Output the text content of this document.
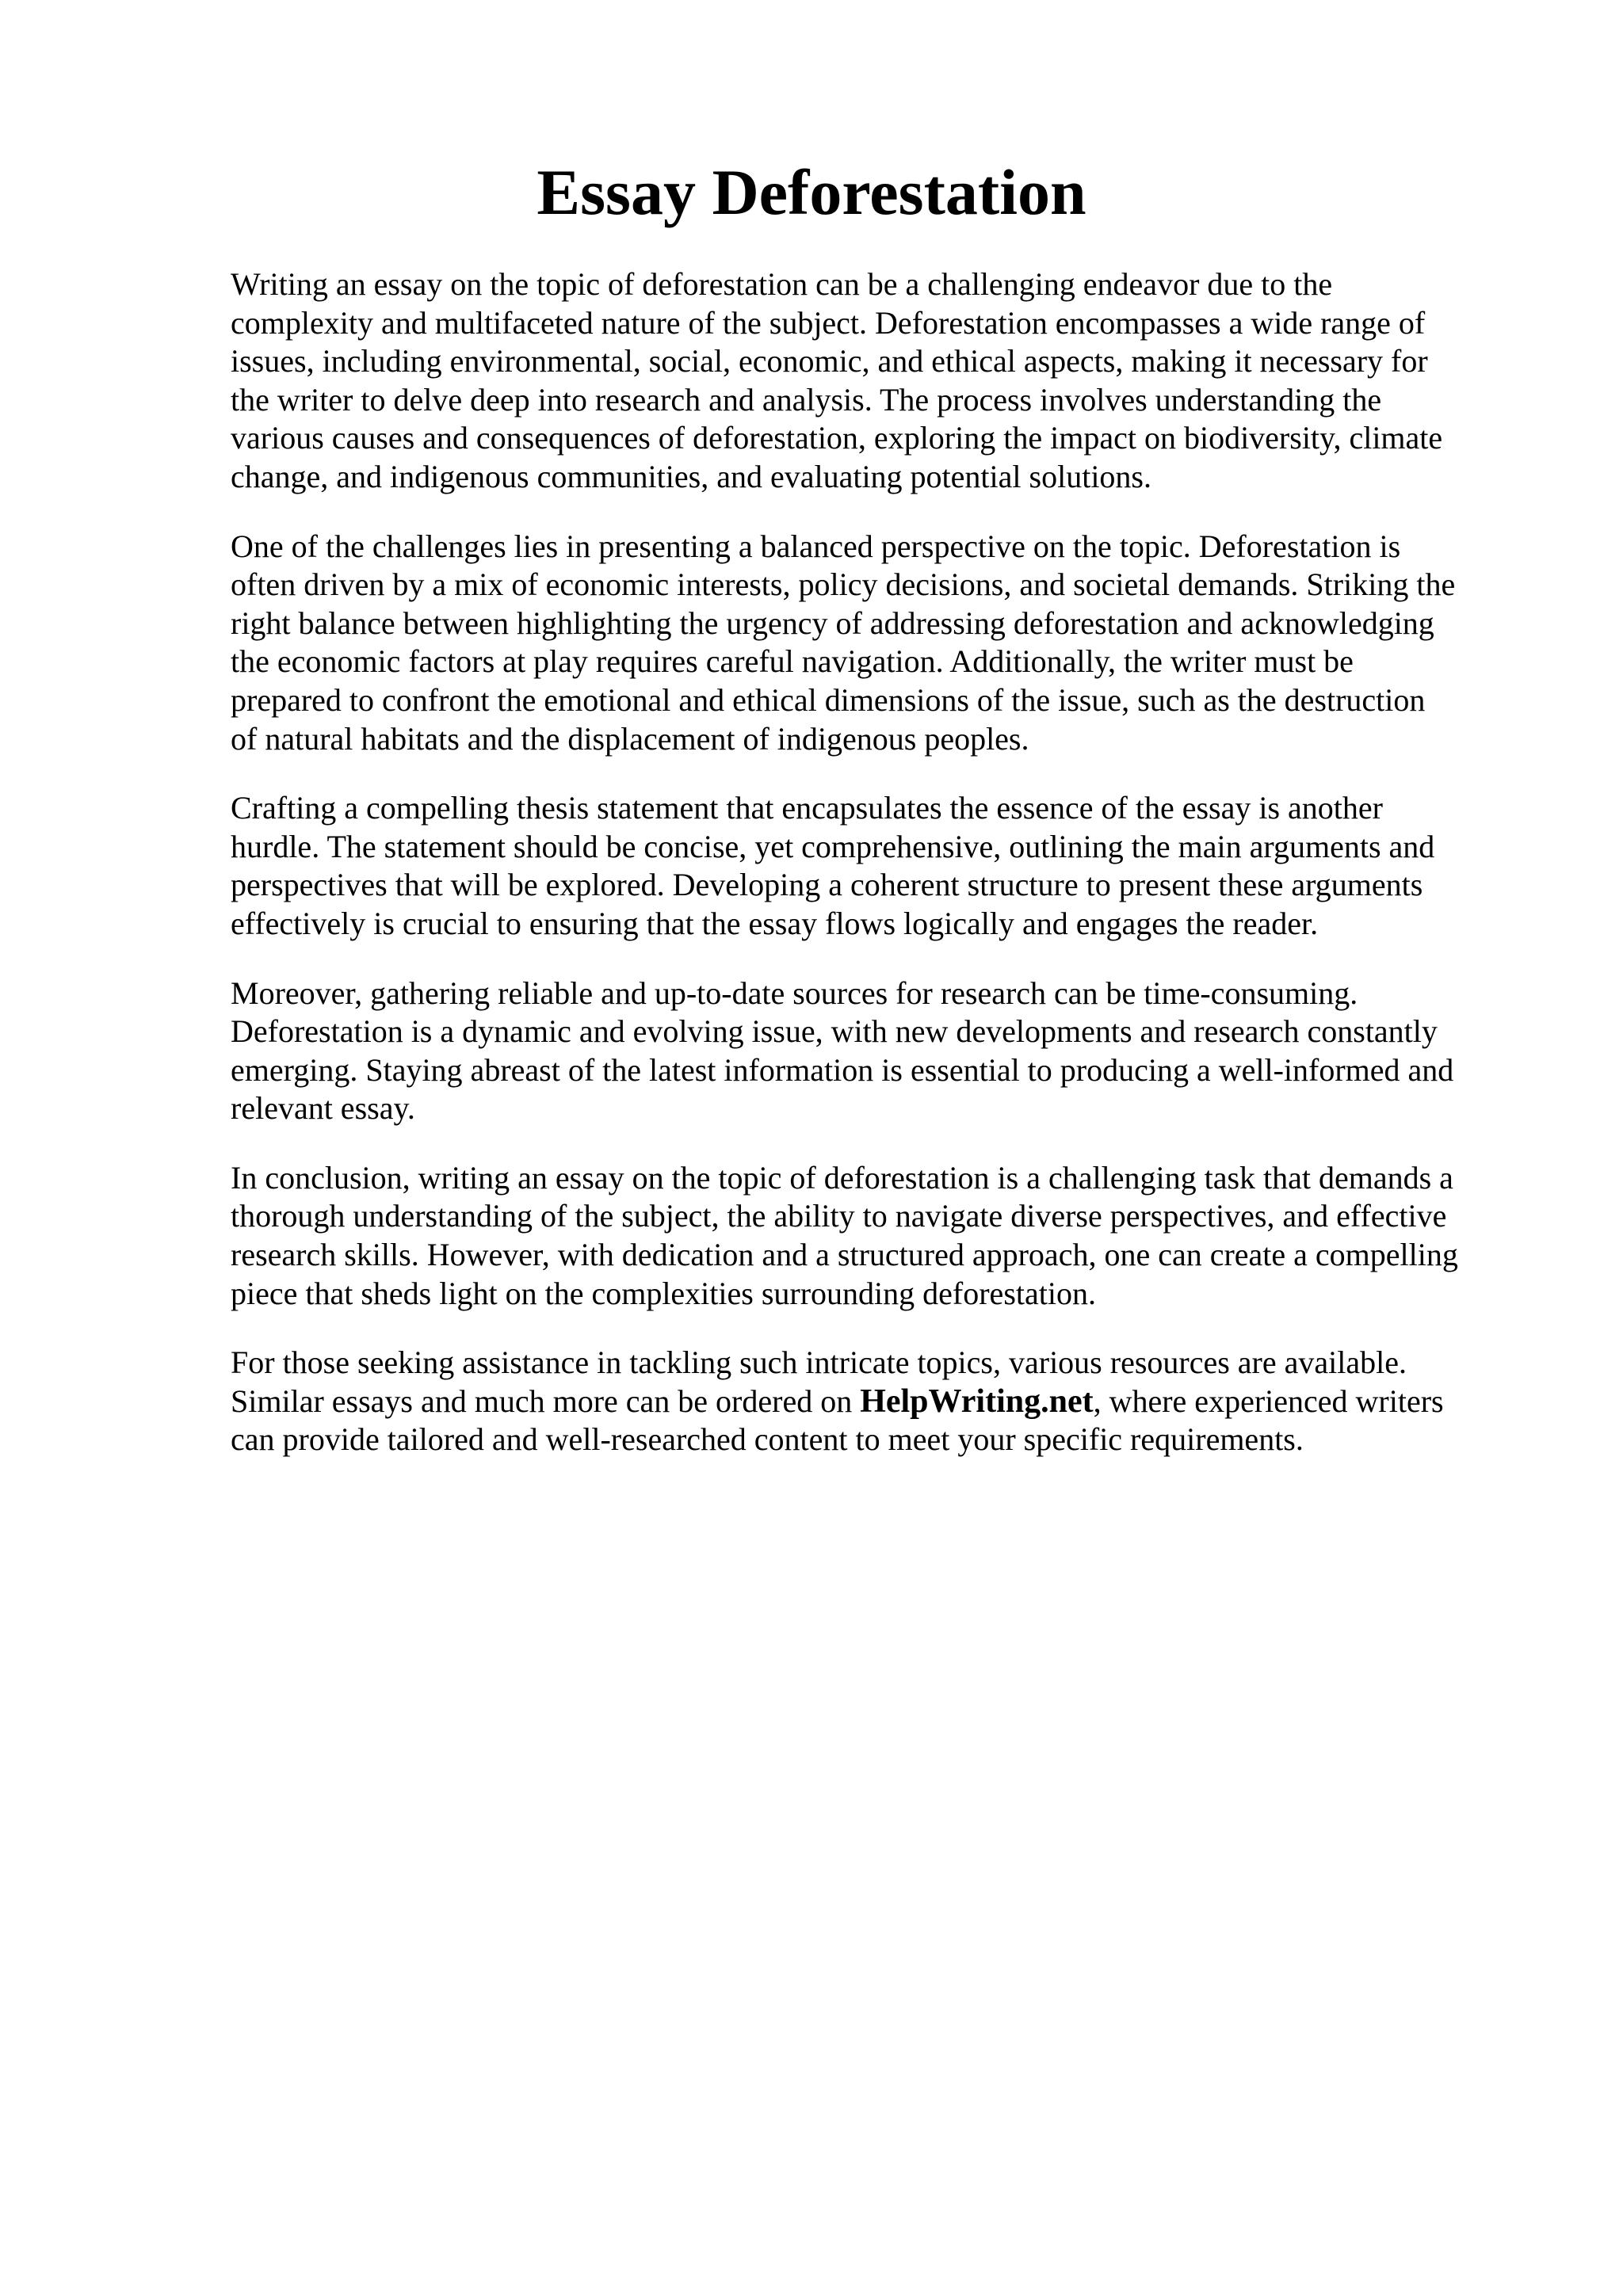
Essay Deforestation

Writing an essay on the topic of deforestation can be a challenging endeavor due to the
complexity and multifaceted nature of the subject. Deforestation encompasses a wide range of
issues, including environmental, social, economic, and ethical aspects, making it necessary for
the writer to delve deep into research and analysis. The process involves understanding the
various causes and consequences of deforestation, exploring the impact on biodiversity, climate
change, and indigenous communities, and evaluating potential solutions.

One of the challenges lies in presenting a balanced perspective on the topic. Deforestation is
often driven by a mix of economic interests, policy decisions, and societal demands. Striking the
right balance between highlighting the urgency of addressing deforestation and acknowledging
the economic factors at play requires careful navigation. Additionally, the writer must be
prepared to confront the emotional and ethical dimensions of the issue, such as the destruction
of natural habitats and the displacement of indigenous peoples.

Crafting a compelling thesis statement that encapsulates the essence of the essay is another
hurdle. The statement should be concise, yet comprehensive, outlining the main arguments and
perspectives that will be explored. Developing a coherent structure to present these arguments
effectively is crucial to ensuring that the essay flows logically and engages the reader.

Moreover, gathering reliable and up-to-date sources for research can be time-consuming.
Deforestation is a dynamic and evolving issue, with new developments and research constantly
emerging. Staying abreast of the latest information is essential to producing a well-informed and
relevant essay.

In conclusion, writing an essay on the topic of deforestation is a challenging task that demands a
thorough understanding of the subject, the ability to navigate diverse perspectives, and effective
research skills. However, with dedication and a structured approach, one can create a compelling
piece that sheds light on the complexities surrounding deforestation.

For those seeking assistance in tackling such intricate topics, various resources are available.
Similar essays and much more can be ordered on HelpWriting.net, where experienced writers
can provide tailored and well-researched content to meet your specific requirements.
